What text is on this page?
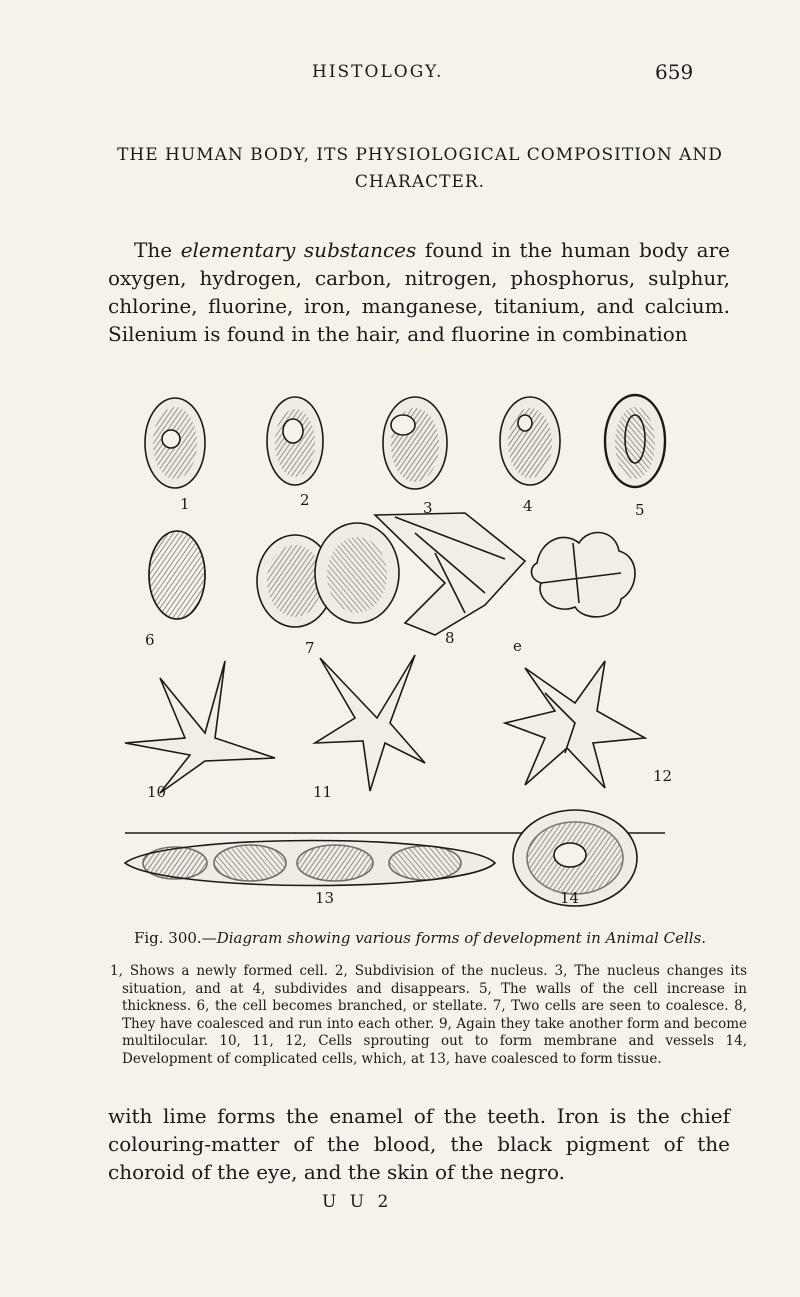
HISTOLOGY.	659
THE HUMAN BODY, ITS PHYSIOLOGICAL COMPOSITION AND CHARACTER.

The elementary substances found in the human body are oxygen, hydrogen, carbon, nitrogen, phosphorus, sulphur, chlorine, fluorine, iron, manganese, titanium, and calcium. Silenium is found in the hair, and fluorine in combination

1	2	3	4	5
6	7
8	e
10	11
12
13	14
Fig. 300.—Diagram showing various forms of development in Animal Cells.

1, Shows a newly formed cell. 2, Subdivision of the nucleus. 3, The nucleus changes its situation, and at 4, subdivides and disappears. 5, The walls of the cell increase in thickness. 6, the cell becomes branched, or stellate. 7, Two cells are seen to coalesce. 8, They have coalesced and run into each other. 9, Again they take another form and become multilocular. 10, 11, 12, Cells sprouting out to form membrane and vessels 14, Development of complicated cells, which, at 13, have coalesced to form tissue.

with lime forms the enamel of the teeth. Iron is the chief colouring-matter of the blood, the black pigment of the choroid of the eye, and the skin of the negro.

U U 2
